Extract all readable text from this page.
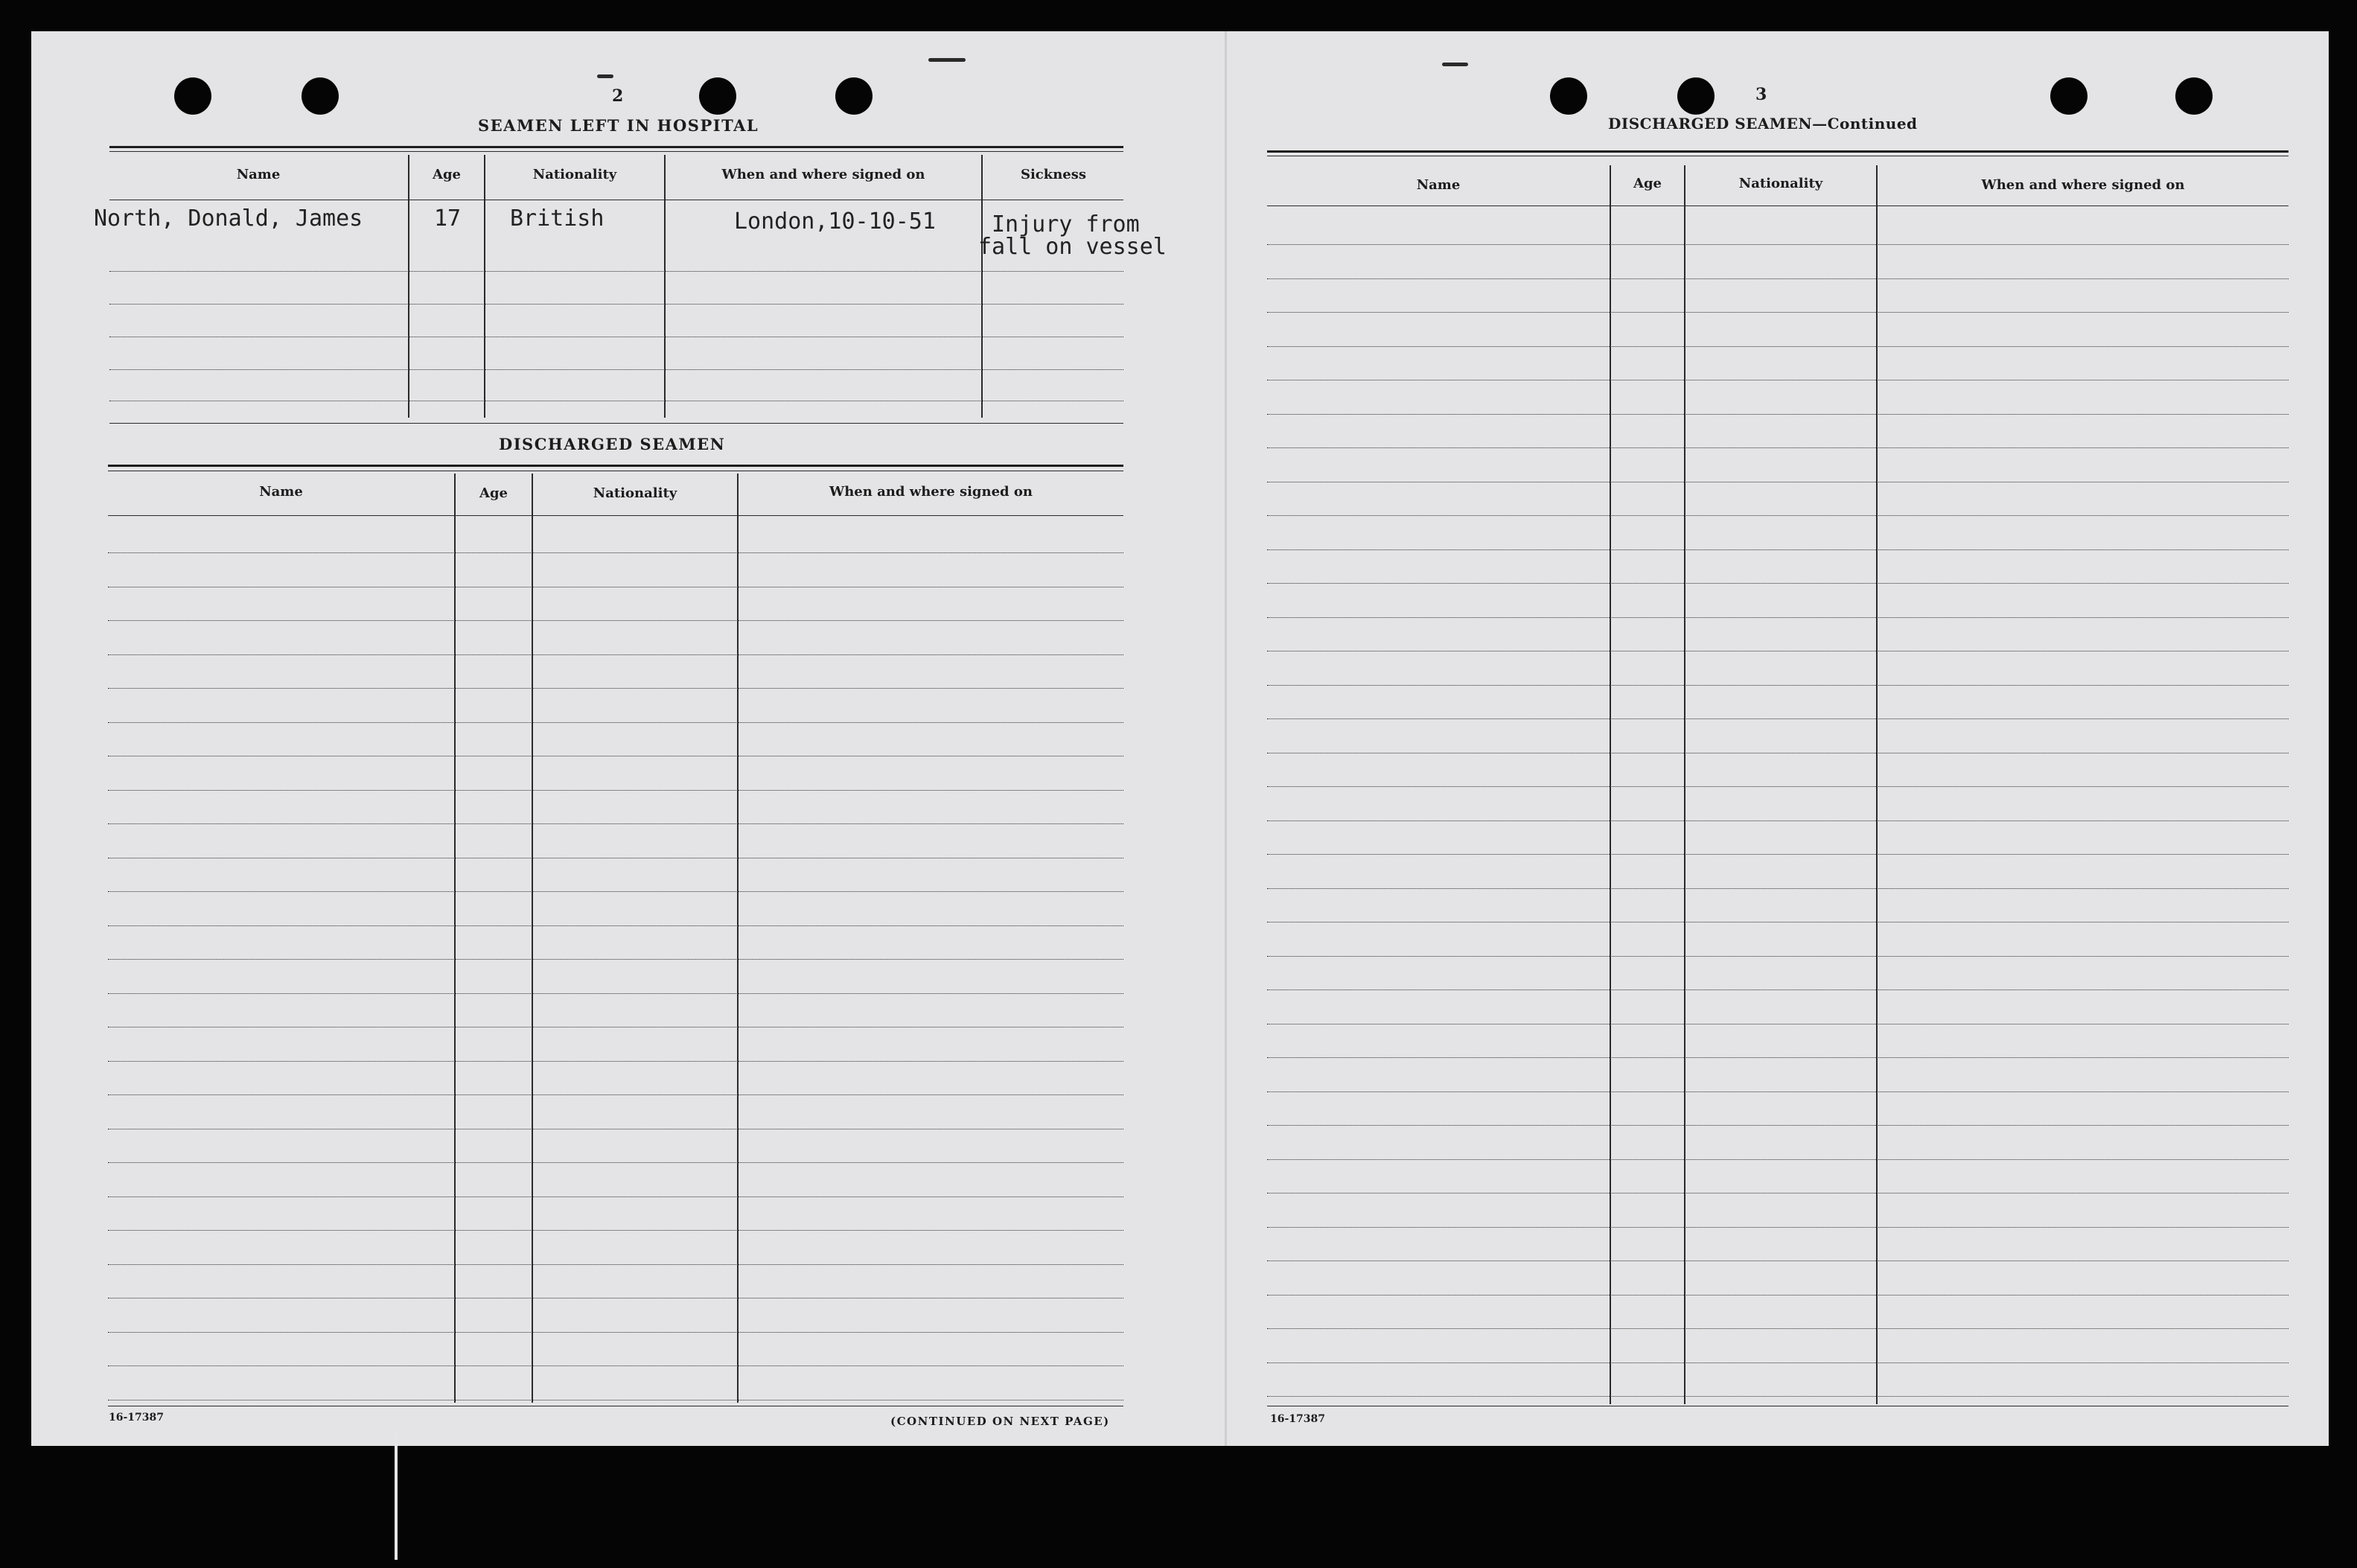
2
SEAMEN LEFT IN HOSPITAL
Name	Age	Nationality	When and where signed on	Sickness
North, Donald, James	17 British	London,10-10-51	Injury from
fall on vessel
DISCHARGED SEAMEN
Name	Age	Nationality	When and where signed on
16-17387	(CONTINUED ON NEXT PAGE)
3
DISCHARGED SEAMEN—Continued
Name	Age	Nationality	When and where signed on
16-17387
